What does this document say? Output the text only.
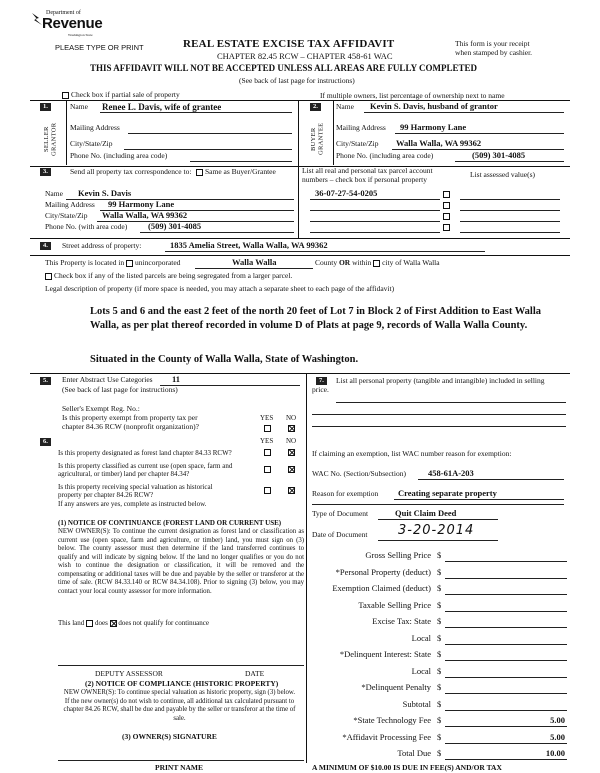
Department of
Revenue
Washington State
PLEASE TYPE OR PRINT	REAL ESTATE EXCISE TAX AFFIDAVIT
CHAPTER 82.45 RCW – CHAPTER 458-61 WAC
This form is your receipt
when stamped by cashier.
THIS AFFIDAVIT WILL NOT BE ACCEPTED UNLESS ALL AREAS ARE FULLY COMPLETED
(See back of last page for instructions)
Check box if partial sale of property	If multiple owners, list percentage of ownership next to name
1.
SELLER GRANTOR
Name Renee L. Davis, wife of grantee
Mailing Address
City/State/Zip
Phone No. (including area code)
2.
BUYER GRANTEE
Name Kevin S. Davis, husband of grantor
Mailing Address 99 Harmony Lane
City/State/Zip Walla Walla, WA 99362
Phone No. (including area code)	(509) 301-4085
3.	Send all property tax correspondence to:	Same as Buyer/Grantee	List all real and personal tax parcel account
numbers – check box if personal property
List assessed value(s)
Name Kevin S. Davis
Mailing Address 99 Harmony Lane
City/State/Zip Walla Walla, WA 99362
Phone No. (with area code) (509) 301-4085
36-07-27-54-0205
4.	Street address of property:	1835 Amelia Street, Walla Walla, WA 99362
This Property is located in unincorporated	Walla Walla	County OR within city of Walla Walla
Check box if any of the listed parcels are being segregated from a larger parcel.
Legal description of property (if more space is needed, you may attach a separate sheet to each page of the affidavit)
Lots 5 and 6 and the east 2 feet of the north 20 feet of Lot 7 in Block 2 of First Addition to East Walla Walla, as per plat thereof recorded in volume D of Plats at page 9, records of Walla Walla County.
Situated in the County of Walla Walla, State of Washington.
5.	Enter Abstract Use Categories 11
(See back of last page for instructions)
Seller's Exempt Reg. No.:
Is this property exempt from property tax per
chapter 84.36 RCW (nonprofit organization)?
YES NO
6.	YES NO
Is this property designated as forest land chapter 84.33 RCW?
Is this property classified as current use (open space, farm and
agricultural, or timber) land per chapter 84.34?
Is this property receiving special valuation as historical
property per chapter 84.26 RCW?
If any answers are yes, complete as instructed below.
(1) NOTICE OF CONTINUANCE (FOREST LAND OR CURRENT USE)
NEW OWNER(S): To continue the current designation as forest land or classification as current use (open space, farm and agriculture, or timber) land, you must sign on (3) below. The county assessor must then determine if the land transferred continues to qualify and will indicate by signing below. If the land no longer qualifies or you do not wish to continue the designation or classification, it will be removed and the compensating or additional taxes will be due and payable by the seller or transferor at the time of sale. (RCW 84.33.140 or RCW 84.34.108). Prior to signing (3) below, you may contact your local county assessor for more information.
This land does does not qualify for continuance
DEPUTY ASSESSOR	DATE
(2) NOTICE OF COMPLIANCE (HISTORIC PROPERTY)
NEW OWNER(S): To continue special valuation as historic property, sign (3) below. If the new owner(s) do not wish to continue, all additional tax calculated pursuant to chapter 84.26 RCW, shall be due and payable by the seller or transferor at the time of sale.
(3) OWNER(S) SIGNATURE
PRINT NAME
7.	List all personal property (tangible and intangible) included in selling
price.
If claiming an exemption, list WAC number reason for exemption:
WAC No. (Section/Subsection)	458-61A-203
Reason for exemption Creating separate property
Type of Document	Quit Claim Deed
Date of Document 3-20-2014
Gross Selling Price $
*Personal Property (deduct) $
Exemption Claimed (deduct) $
Taxable Selling Price $
Excise Tax: State $
Local $
*Delinquent Interest: State $
Local $
*Delinquent Penalty $
Subtotal $
*State Technology Fee $	5.00
*Affidavit Processing Fee $	5.00
Total Due $	10.00
A MINIMUM OF $10.00 IS DUE IN FEE(S) AND/OR TAX
